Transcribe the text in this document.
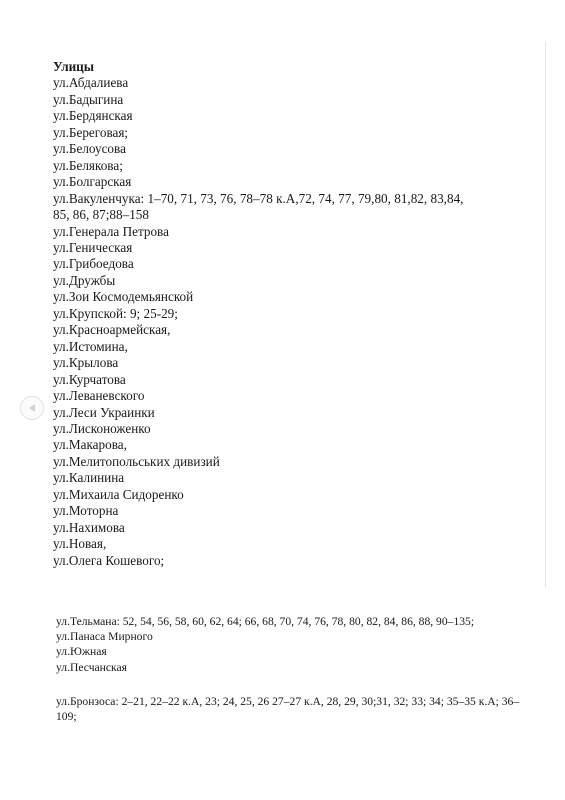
Улицы
ул.Абдалиева
ул.Бадыгина
ул.Бердянская
ул.Береговая;
ул.Белоусова
ул.Белякова;
ул.Болгарская
ул.Вакуленчука: 1–70, 71, 73, 76, 78–78 к.А,72, 74, 77, 79,80, 81,82, 83,84,
85, 86, 87;88–158
ул.Генерала Петрова
ул.Геническая
ул.Грибоедова
ул.Дружбы
ул.Зои Космодемьянской
ул.Крупской: 9; 25-29;
ул.Красноармейская,
ул.Истомина,
ул.Крылова
ул.Курчатова
ул.Леваневского
ул.Леси Украинки
ул.Лисконоженко
ул.Макарова,
ул.Мелитопольських дивизий
ул.Калинина
ул.Михаила Сидоренко
ул.Моторна
ул.Нахимова
ул.Новая,
ул.Олега Кошевого;
ул.Тельмана: 52, 54, 56, 58, 60, 62, 64; 66, 68, 70, 74, 76, 78, 80, 82, 84, 86, 88, 90–135;
ул.Панаса Мирного
ул.Южная
ул.Песчанская
ул.Бронзоса: 2–21, 22–22 к.А, 23; 24, 25, 26 27–27 к.А, 28, 29, 30;31, 32; 33; 34; 35–35 к.А; 36–109;
